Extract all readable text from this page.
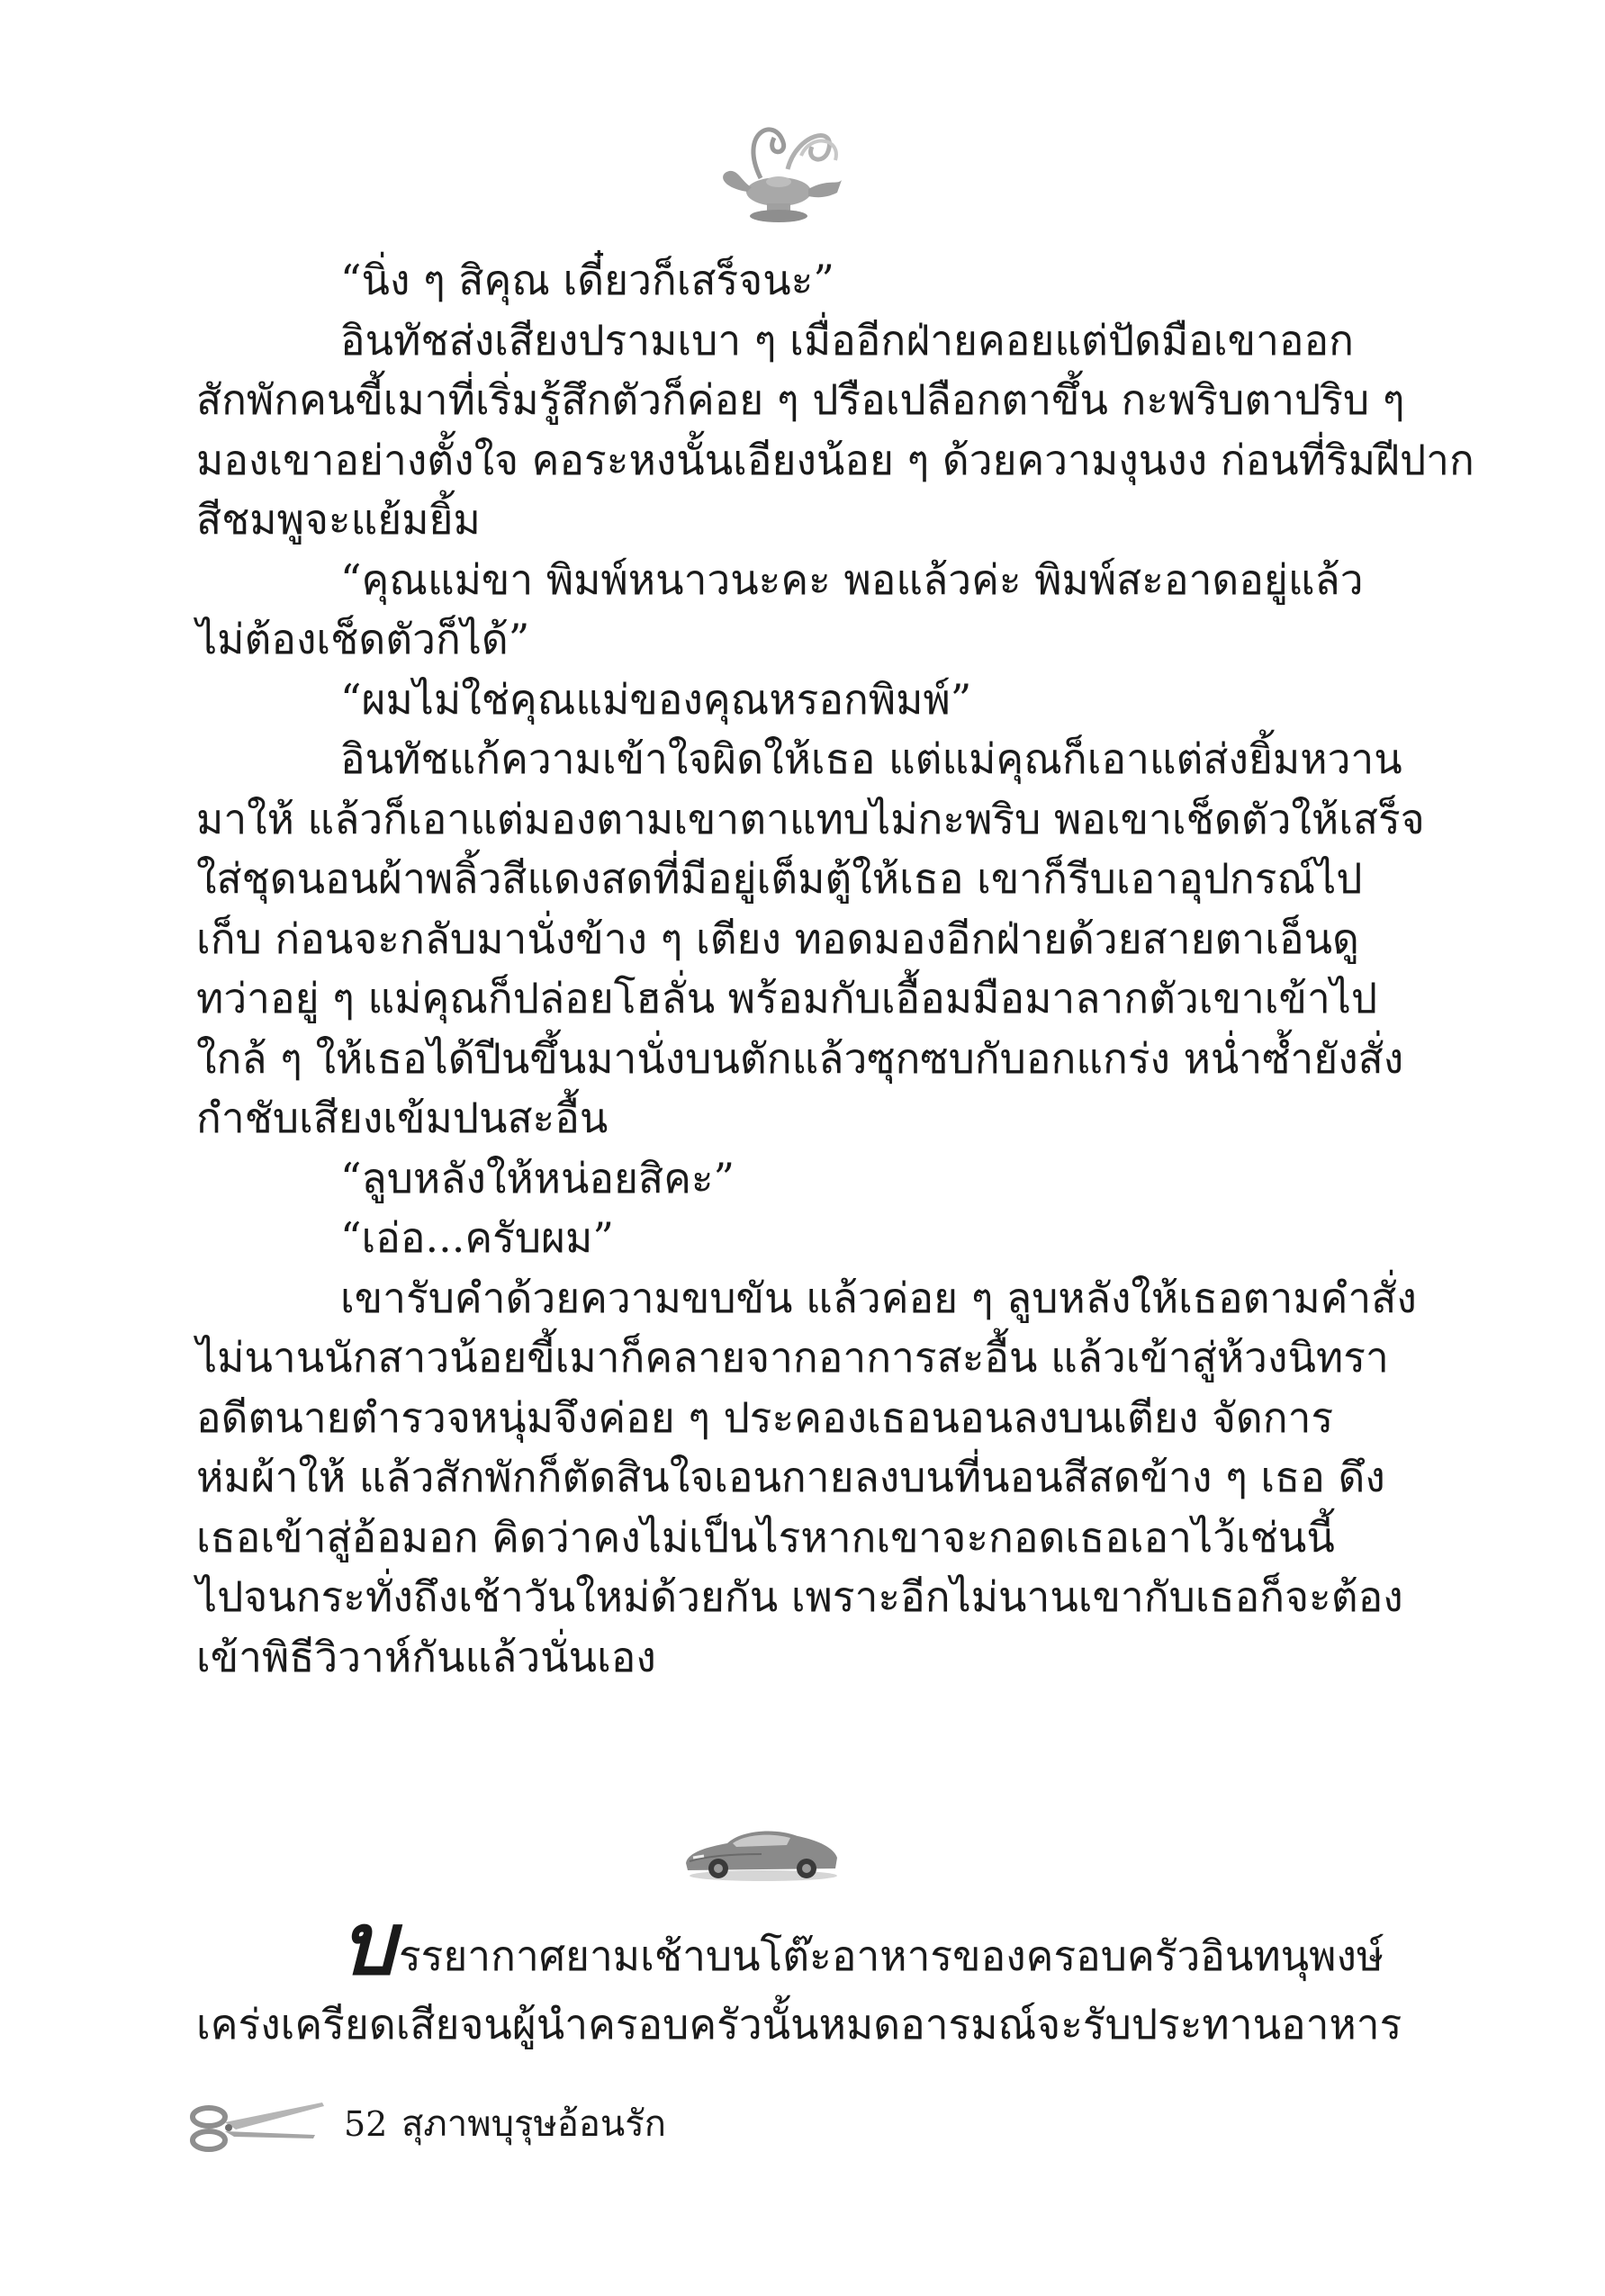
“นิ่ง ๆ สิคุณ เดี๋ยวก็เสร็จนะ”
อินทัชส่งเสียงปรามเบา ๆ เมื่ออีกฝ่ายคอยแต่ปัดมือเขาออก
สักพักคนขี้เมาที่เริ่มรู้สึกตัวก็ค่อย ๆ ปรือเปลือกตาขึ้น กะพริบตาปริบ ๆ
มองเขาอย่างตั้งใจ คอระหงนั้นเอียงน้อย ๆ ด้วยความงุนงง ก่อนที่ริมฝีปาก
สีชมพูจะแย้มยิ้ม
“คุณแม่ขา พิมพ์หนาวนะคะ พอแล้วค่ะ พิมพ์สะอาดอยู่แล้ว
ไม่ต้องเช็ดตัวก็ได้”
“ผมไม่ใช่คุณแม่ของคุณหรอกพิมพ์”
อินทัชแก้ความเข้าใจผิดให้เธอ แต่แม่คุณก็เอาแต่ส่งยิ้มหวาน
มาให้ แล้วก็เอาแต่มองตามเขาตาแทบไม่กะพริบ พอเขาเช็ดตัวให้เสร็จ
ใส่ชุดนอนผ้าพลิ้วสีแดงสดที่มีอยู่เต็มตู้ให้เธอ เขาก็รีบเอาอุปกรณ์ไป
เก็บ ก่อนจะกลับมานั่งข้าง ๆ เตียง ทอดมองอีกฝ่ายด้วยสายตาเอ็นดู
ทว่าอยู่ ๆ แม่คุณก็ปล่อยโฮลั่น พร้อมกับเอื้อมมือมาลากตัวเขาเข้าไป
ใกล้ ๆ ให้เธอได้ปีนขึ้นมานั่งบนตักแล้วซุกซบกับอกแกร่ง หน่ำซ้ำยังสั่ง
กำชับเสียงเข้มปนสะอื้น
“ลูบหลังให้หน่อยสิคะ”
“เอ่อ...ครับผม”
เขารับคำด้วยความขบขัน แล้วค่อย ๆ ลูบหลังให้เธอตามคำสั่ง
ไม่นานนักสาวน้อยขี้เมาก็คลายจากอาการสะอื้น แล้วเข้าสู่ห้วงนิทรา
อดีตนายตำรวจหนุ่มจึงค่อย ๆ ประคองเธอนอนลงบนเตียง จัดการ
ห่มผ้าให้ แล้วสักพักก็ตัดสินใจเอนกายลงบนที่นอนสีสดข้าง ๆ เธอ ดึง
เธอเข้าสู่อ้อมอก คิดว่าคงไม่เป็นไรหากเขาจะกอดเธอเอาไว้เช่นนี้
ไปจนกระทั่งถึงเช้าวันใหม่ด้วยกัน เพราะอีกไม่นานเขากับเธอก็จะต้อง
เข้าพิธีวิวาห์กันแล้วนั่นเอง
บรรยากาศยามเช้าบนโต๊ะอาหารของครอบครัวอินทนุพงษ์
เคร่งเครียดเสียจนผู้นำครอบครัวนั้นหมดอารมณ์จะรับประทานอาหาร
52 สุภาพบุรุษอ้อนรัก
